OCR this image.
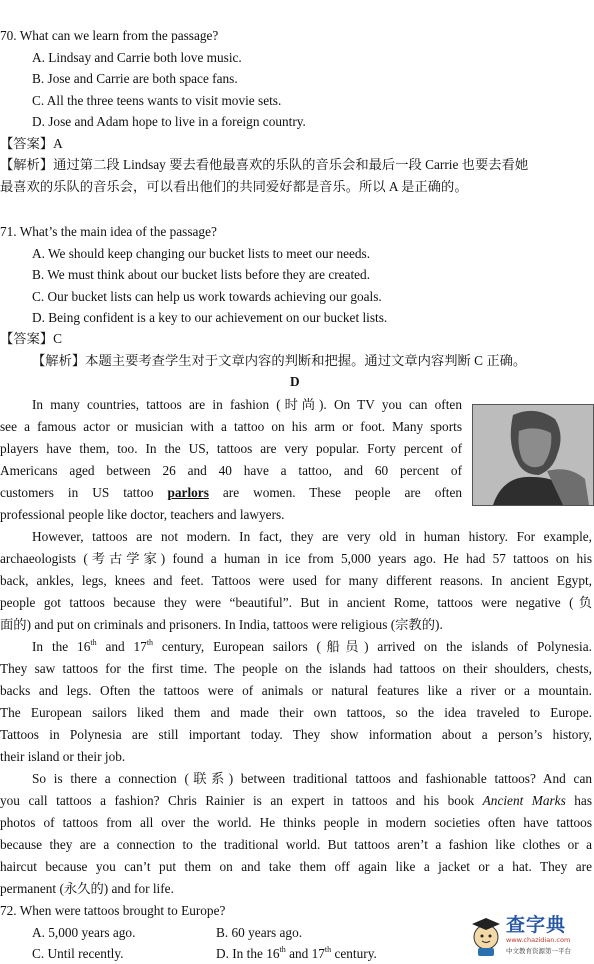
70. What can we learn from the passage?
A. Lindsay and Carrie both love music.
B. Jose and Carrie are both space fans.
C. All the three teens wants to visit movie sets.
D. Jose and Adam hope to live in a foreign country.
【答案】A
【解析】通过第二段 Lindsay 要去看他最喜欢的乐队的音乐会和最后一段 Carrie 也要去看她
最喜欢的乐队的音乐会，可以看出他们的共同爱好都是音乐。所以 A 是正确的。
71. What’s the main idea of the passage?
A. We should keep changing our bucket lists to meet our needs.
B. We must think about our bucket lists before they are created.
C. Our bucket lists can help us work towards achieving our goals.
D. Being confident is a key to our achievement on our bucket lists.
【答案】C
【解析】本题主要考查学生对于文章内容的判断和把握。通过文章内容判断 C 正确。
D
In many countries, tattoos are in fashion (时尚). On TV you can often
see a famous actor or musician with a tattoo on his arm or foot. Many sports
players have them, too. In the US, tattoos are very popular. Forty percent of
Americans aged between 26 and 40 have a tattoo, and 60 percent of
customers in US tattoo parlors are women. These people are often
professional people like doctor, teachers and lawyers.
However, tattoos are not modern. In fact, they are very old in human history. For example,
archaeologists (考古学家) found a human in ice from 5,000 years ago. He had 57 tattoos on his
back, ankles, legs, knees and feet. Tattoos were used for many different reasons. In ancient Egypt,
people got tattoos because they were “beautiful”. But in ancient Rome, tattoos were negative (负
面的) and put on criminals and prisoners. In India, tattoos were religious (宗教的).
In the 16th and 17th century, European sailors (船员) arrived on the islands of Polynesia.
They saw tattoos for the first time. The people on the islands had tattoos on their shoulders, chests,
backs and legs. Often the tattoos were of animals or natural features like a river or a mountain.
The European sailors liked them and made their own tattoos, so the idea traveled to Europe.
Tattoos in Polynesia are still important today. They show information about a person’s history,
their island or their job.
So is there a connection (联系) between traditional tattoos and fashionable tattoos? And can
you call tattoos a fashion? Chris Rainier is an expert in tattoos and his book Ancient Marks has
photos of tattoos from all over the world. He thinks people in modern societies often have tattoos
because they are a connection to the traditional world. But tattoos aren’t a fashion like clothes or a
haircut because you can’t put them on and take them off again like a jacket or a hat. They are
permanent (永久的) and for life.
72. When were tattoos brought to Europe?
A. 5,000 years ago.	B. 60 years ago.
C. Until recently.	D. In the 16th and 17th century.
查字典
www.chazidian.com
中文教育资源第一平台
